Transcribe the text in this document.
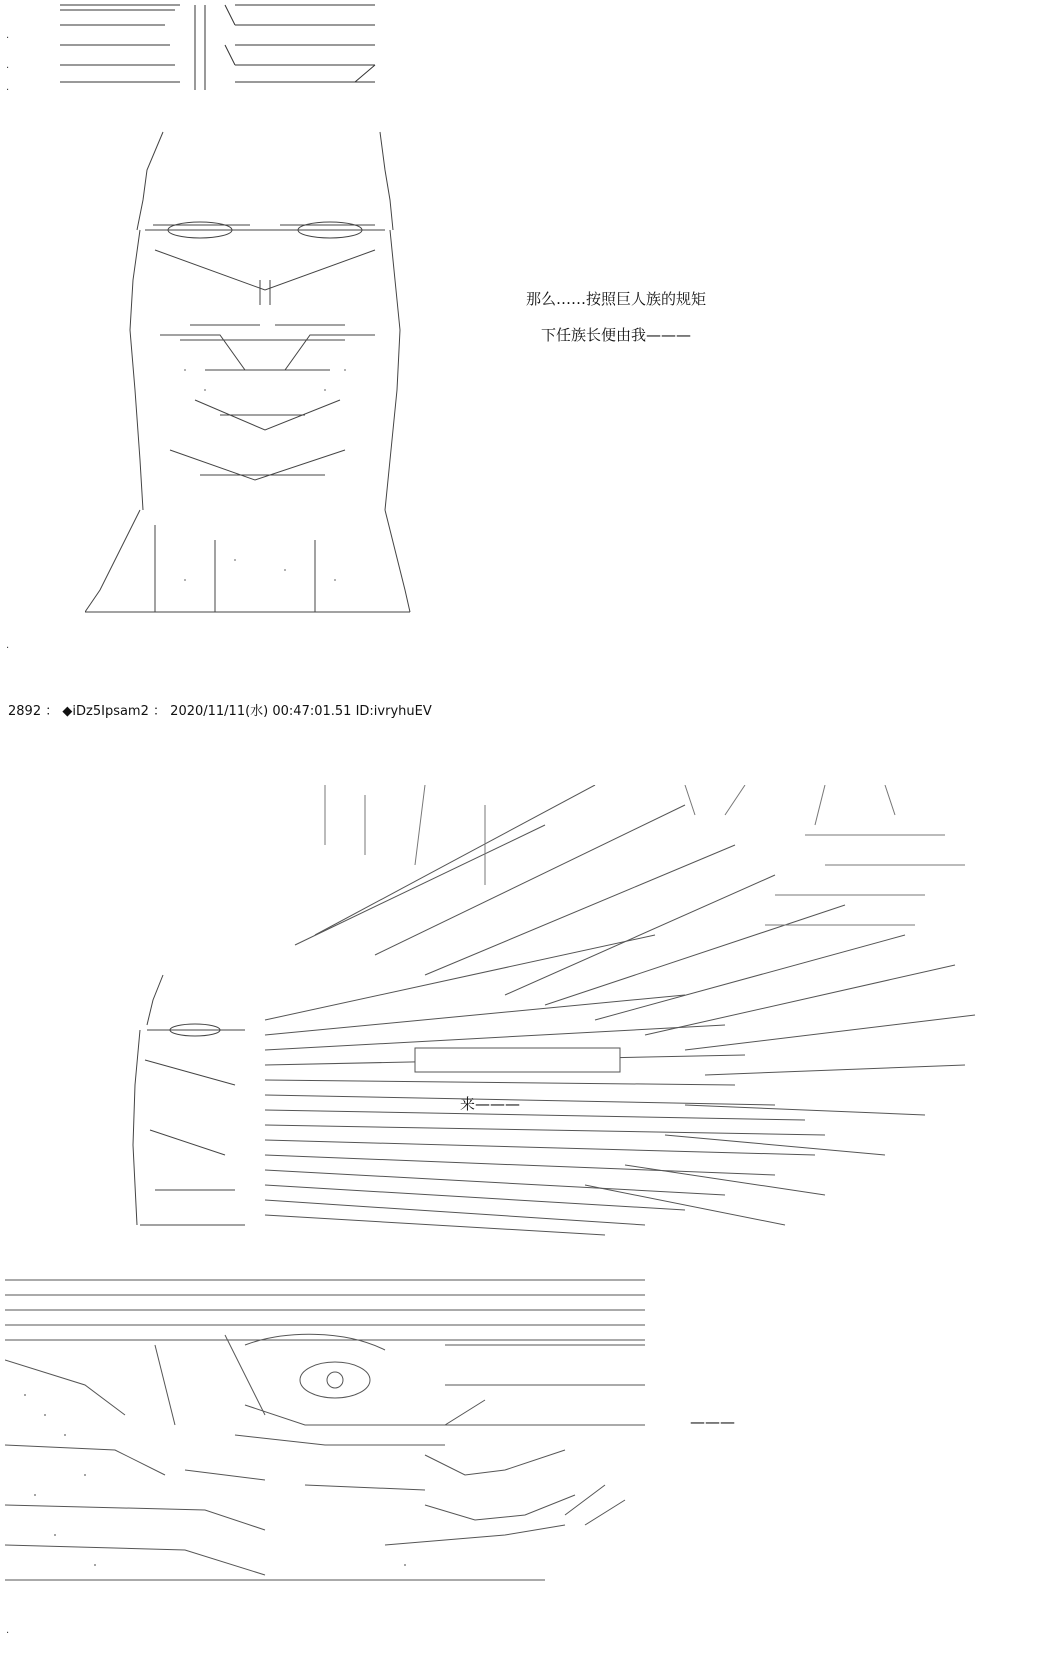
.
.
.
那么……按照巨人族的规矩
下任族长便由我———
.
2892 ： ◆iDz5Ipsam2 ： 2020/11/11(水) 00:47:01.51 ID:ivryhuEV
来———
———
.
